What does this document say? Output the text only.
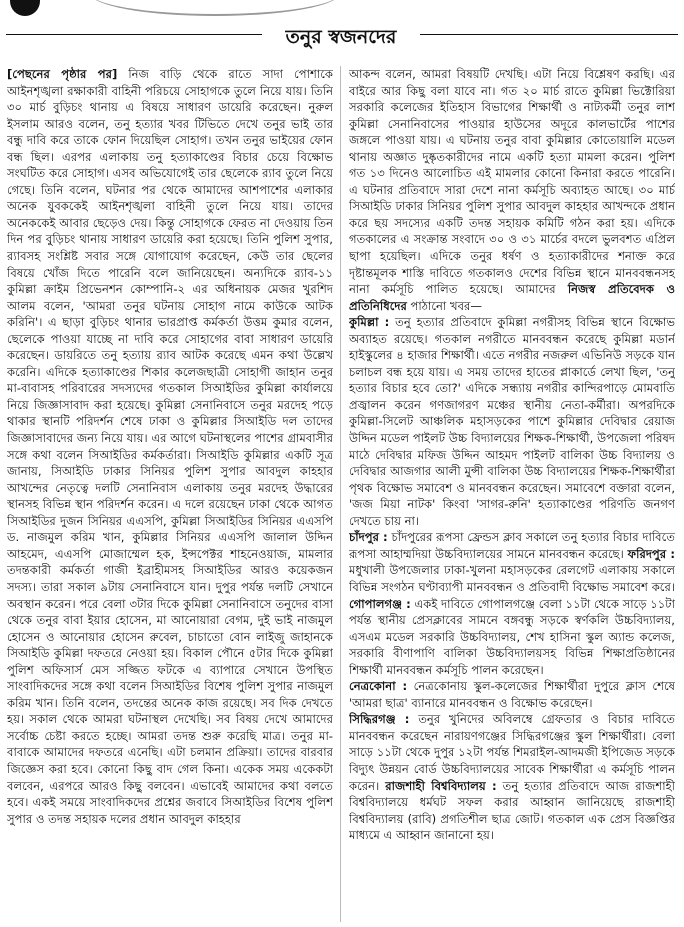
তনুর স্বজনদের

[পেছনের পৃষ্ঠার পর] নিজ বাড়ি থেকে রাতে সাদা পোশাকে আইনশৃঙ্খলা রক্ষাকারী বাহিনী পরিচয়ে সোহাগকে তুলে নিয়ে যায়। তিনি ৩০ মার্চ বুড়িচং থানায় এ বিষয়ে সাধারণ ডায়েরি করেছেন। নুরুল ইসলাম আরও বলেন, তনু হত্যার খবর টিভিতে দেখে তনুর ভাই তার বন্ধু দাবি করে তাকে ফোন দিয়েছিল সোহাগ। তখন তনুর ভাইয়ের ফোন বন্ধ ছিল। এরপর এলাকায় তনু হত্যাকাণ্ডের বিচার চেয়ে বিক্ষোভ সংঘটিত করে সোহাগ। এসব অভিযোগেই তার ছেলেকে র‍্যাব তুলে নিয়ে গেছে। তিনি বলেন, ঘটনার পর থেকে আমাদের আশপাশের এলাকার অনেক যুবককেই আইনশৃঙ্খলা বাহিনী তুলে নিয়ে যায়। তাদের অনেককেই আবার ছেড়েও দেয়। কিন্তু সোহাগকে ফেরত না দেওয়ায় তিন দিন পর বুড়িচং থানায় সাধারণ ডায়েরি করা হয়েছে। তিনি পুলিশ সুপার, র‍্যাবসহ সংশ্লিষ্ট সবার সঙ্গে যোগাযোগ করেছেন, কেউ তার ছেলের বিষয়ে খোঁজ দিতে পারেনি বলে জানিয়েছেন। অন্যদিকে র‍্যাব-১১ কুমিল্লা ক্রাইম প্রিভেনশন কোম্পানি-২ এর অধিনায়ক মেজর খুরশিদ আলম বলেন, 'আমরা তনুর ঘটনায় সোহাগ নামে কাউকে আটক করিনি'। এ ছাড়া বুড়িচং থানার ভারপ্রাপ্ত কর্মকর্তা উত্তম কুমার বলেন, ছেলেকে পাওয়া যাচ্ছে না দাবি করে সোহাগের বাবা সাধারণ ডায়েরি করেছেন। ডায়রিতে তনু হত্যায় র‍্যাব আটক করেছে এমন কথা উল্লেখ করেনি। এদিকে হত্যাকাণ্ডের শিকার কলেজছাত্রী সোহাগী জাহান তনুর মা-বাবাসহ পরিবারের সদস্যদের গতকাল সিআইডির কুমিল্লা কার্যালয়ে নিয়ে জিজ্ঞাসাবাদ করা হয়েছে। কুমিল্লা সেনানিবাসে তনুর মরদেহ পড়ে থাকার স্থানটি পরিদর্শন শেষে ঢাকা ও কুমিল্লার সিআইডি দল তাদের জিজ্ঞাসাবাদের জন্য নিয়ে যায়। এর আগে ঘটনাস্থলের পাশের গ্রামবাসীর সঙ্গে কথা বলেন সিআইডির কর্মকর্তারা। সিআইডি কুমিল্লার একটি সূত্র জানায়, সিআইডি ঢাকার সিনিয়র পুলিশ সুপার আবদুল কাহহার আখন্দের নেতৃত্বে দলটি সেনানিবাস এলাকায় তনুর মরদেহ উদ্ধারের স্থানসহ বিভিন্ন স্থান পরিদর্শন করেন। এ দলে রয়েছেন ঢাকা থেকে আগত সিআইডির দুজন সিনিয়র এএসপি, কুমিল্লা সিআইডির সিনিয়র এএসপি ড. নাজমুল করিম খান, কুমিল্লার সিনিয়র এএসপি জালাল উদ্দিন আহমেদ, এএসপি মোজাম্মেল হক, ইন্সপেক্টর শাহনেওয়াজ, মামলার তদন্তকারী কর্মকর্তা গাজী ইব্রাহীমসহ সিআইডির আরও কয়েকজন সদস্য। তারা সকাল ৯টায় সেনানিবাসে যান। দুপুর পর্যন্ত দলটি সেখানে অবস্থান করেন। পরে বেলা ৩টার দিকে কুমিল্লা সেনানিবাসে তনুদের বাসা থেকে তনুর বাবা ইয়ার হোসেন, মা আনোয়ারা বেগম, দুই ভাই নাজমুল হোসেন ও আনোয়ার হোসেন রুবেল, চাচাতো বোন লাইজু জাহানকে সিআইডি কুমিল্লা দফতরে নেওয়া হয়। বিকাল পৌনে ৫টার দিকে কুমিল্লা পুলিশ অফিসার্স মেস সজ্জিত ফটকে এ ব্যাপারে সেখানে উপস্থিত সাংবাদিকদের সঙ্গে কথা বলেন সিআইডির বিশেষ পুলিশ সুপার নাজমুল করিম খান। তিনি বলেন, তদন্তের অনেক কাজ রয়েছে। সব দিক দেখতে হয়। সকাল থেকে আমরা ঘটনাস্থল দেখেছি। সব বিষয় দেখে আমাদের সর্বোচ্চ চেষ্টা করতে হচ্ছে। আমরা তদন্ত শুরু করেছি মাত্র। তনুর মা-বাবাকে আমাদের দফতরে এনেছি। এটা চলমান প্রক্রিয়া। তাদের বারবার জিজ্ঞেস করা হবে। কোনো কিছু বাদ গেল কিনা। একেক সময় একেকটা বলবেন, এরপরে আরও কিছু বলবেন। এভাবেই আমাদের কথা বলতে হবে। একই সময়ে সাংবাদিকদের প্রশ্নের জবাবে সিআইডির বিশেষ পুলিশ সুপার ও তদন্ত সহায়ক দলের প্রধান আবদুল কাহহার

আকন্দ বলেন, আমরা বিষয়টি দেখছি। এটা নিয়ে বিশ্লেষণ করছি। এর বাইরে আর কিছু বলা যাবে না। গত ২০ মার্চ রাতে কুমিল্লা ভিক্টোরিয়া সরকারি কলেজের ইতিহাস বিভাগের শিক্ষার্থী ও নাট্যকর্মী তনুর লাশ কুমিল্লা সেনানিবাসের পাওয়ার হাউসের অদূরে কালভার্টের পাশের জঙ্গলে পাওয়া যায়। এ ঘটনায় তনুর বাবা কুমিল্লার কোতোয়ালি মডেল থানায় অজ্ঞাত দুষ্কৃতকারীদের নামে একটি হত্যা মামলা করেন। পুলিশ গত ১৩ দিনেও আলোচিত এই মামলার কোনো কিনারা করতে পারেনি। এ ঘটনার প্রতিবাদে সারা দেশে নানা কর্মসূচি অব্যাহত আছে। ৩০ মার্চ সিআইডি ঢাকার সিনিয়র পুলিশ সুপার আবদুল কাহহার আখন্দকে প্রধান করে ছয় সদস্যের একটি তদন্ত সহায়ক কমিটি গঠন করা হয়। এদিকে গতকালের এ সংক্রান্ত সংবাদে ৩০ ও ৩১ মার্চের বদলে ভুলবশত এপ্রিল ছাপা হয়েছিল। এদিকে তনুর ধর্ষণ ও হত্যাকারীদের শনাক্ত করে দৃষ্টান্তমূলক শাস্তি দাবিতে গতকালও দেশের বিভিন্ন স্থানে মানববন্ধনসহ নানা কর্মসূচি পালিত হয়েছে। আমাদের নিজস্ব প্রতিবেদক ও প্রতিনিধিদের পাঠানো খবর—

কুমিল্লা : তনু হত্যার প্রতিবাদে কুমিল্লা নগরীসহ বিভিন্ন স্থানে বিক্ষোভ অব্যাহত রয়েছে। গতকাল নগরীতে মানববন্ধন করেছে কুমিল্লা মডার্ন হাইস্কুলের ৪ হাজার শিক্ষার্থী। এতে নগরীর নজরুল এভিনিউ সড়কে যান চলাচল বন্ধ হয়ে যায়। এ সময় তাদের হাতের প্লাকার্ডে লেখা ছিল, 'তনু হত্যার বিচার হবে তো?' এদিকে সন্ধ্যায় নগরীর কান্দিরপাড়ে মোমবাতি প্রজ্বালন করেন গণজাগরণ মঞ্চের স্থানীয় নেতা-কর্মীরা। অপরদিকে কুমিল্লা-সিলেট আঞ্চলিক মহাসড়কের পাশে কুমিল্লার দেবিদ্বার রেয়াজ উদ্দিন মডেল পাইলট উচ্চ বিদ্যালয়ের শিক্ষক-শিক্ষার্থী, উপজেলা পরিষদ মাঠে দেবিদ্বার মফিজ উদ্দিন আহমদ পাইলট বালিকা উচ্চ বিদ্যালয় ও দেবিদ্বার আজগার আলী মুন্সী বালিকা উচ্চ বিদ্যালয়ের শিক্ষক-শিক্ষার্থীরা পৃথক বিক্ষোভ সমাবেশ ও মানববন্ধন করেছেন। সমাবেশে বক্তারা বলেন, 'জজ মিয়া নাটক' কিংবা 'সাগর-রুনি' হত্যাকাণ্ডের পরিণতি জনগণ দেখতে চায় না।

চাঁদপুর : চাঁদপুরের রূপসা ফ্রেন্ডস ক্লাব সকালে তনু হত্যার বিচার দাবিতে রূপসা আহাম্মদিয়া উচ্চবিদ্যালয়ের সামনে মানববন্ধন করেছে। ফরিদপুর : মধুখালী উপজেলার ঢাকা-খুলনা মহাসড়কের রেলগেট এলাকায় সকালে বিভিন্ন সংগঠন ঘণ্টাব্যাপী মানববন্ধন ও প্রতিবাদী বিক্ষোভ সমাবেশ করে। গোপালগঞ্জ : একই দাবিতে গোপালগঞ্জে বেলা ১১টা থেকে সাড়ে ১১টা পর্যন্ত স্থানীয় প্রেসক্লাবের সামনে বঙ্গবন্ধু সড়কে স্বর্ণকলি উচ্চবিদ্যালয়, এসএম মডেল সরকারি উচ্চবিদ্যালয়, শেখ হাসিনা স্কুল অ্যান্ড কলেজ, সরকারি বীণাপাণি বালিকা উচ্চবিদ্যালয়সহ বিভিন্ন শিক্ষাপ্রতিষ্ঠানের শিক্ষার্থী মানববন্ধন কর্মসূচি পালন করেছেন।

নেত্রকোনা : নেত্রকোনায় স্কুল-কলেজের শিক্ষার্থীরা দুপুরে ক্লাস শেষে 'আমরা ছাত্র' ব্যানারে মানববন্ধন ও বিক্ষোভ করেছেন।

সিদ্ধিরগঞ্জ : তনুর খুনিদের অবিলম্বে গ্রেফতার ও বিচার দাবিতে মানববন্ধন করেছেন নারায়ণগঞ্জের সিদ্ধিরগঞ্জের স্কুল শিক্ষার্থীরা। বেলা সাড়ে ১১টা থেকে দুপুর ১২টা পর্যন্ত শিমরাইল-আদমজী ইপিজেড সড়কে বিদ্যুৎ উন্নয়ন বোর্ড উচ্চবিদ্যালয়ের সাবেক শিক্ষার্থীরা এ কর্মসূচি পালন করেন। রাজশাহী বিশ্ববিদ্যালয় : তনু হত্যার প্রতিবাদে আজ রাজশাহী বিশ্ববিদ্যালয়ে ধর্মঘট সফল করার আহ্বান জানিয়েছে রাজশাহী বিশ্ববিদ্যালয় (রাবি) প্রগতিশীল ছাত্র জোট। গতকাল এক প্রেস বিজ্ঞপ্তির মাধ্যমে এ আহ্বান জানানো হয়।
